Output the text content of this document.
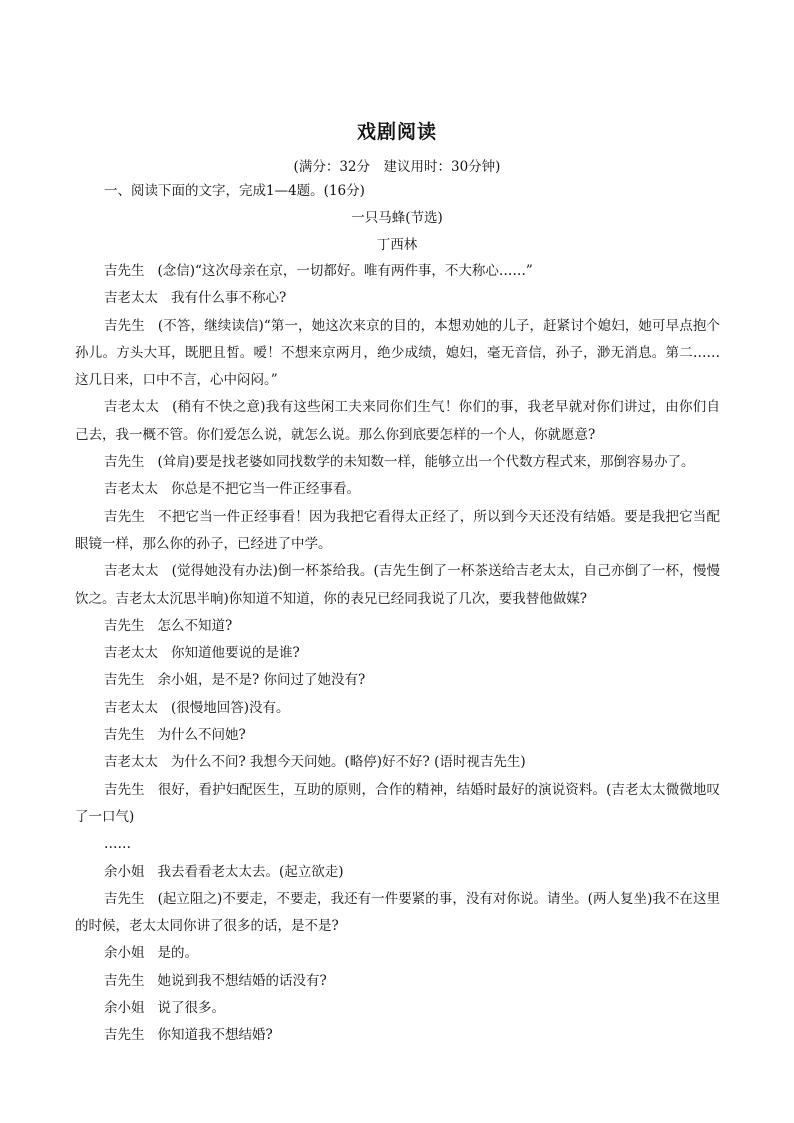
戏剧阅读
(满分：32分　建议用时：30分钟)
一、阅读下面的文字，完成1—4题。(16分)
一只马蜂(节选)
丁西林

吉先生 (念信)“这次母亲在京，一切都好。唯有两件事，不大称心……”

吉老太太 我有什么事不称心?

吉先生 (不答，继续读信)“第一，她这次来京的目的，本想劝她的儿子，赶紧讨个媳妇，她可早点抱个孙儿。方头大耳，既肥且皙。嗳！不想来京两月，绝少成绩，媳妇，毫无音信，孙子，渺无消息。第二……这几日来，口中不言，心中闷闷。”

吉老太太 (稍有不快之意)我有这些闲工夫来同你们生气！你们的事，我老早就对你们讲过，由你们自己去，我一概不管。你们爱怎么说，就怎么说。那么你到底要怎样的一个人，你就愿意?

吉先生 (耸肩)要是找老婆如同找数学的未知数一样，能够立出一个代数方程式来，那倒容易办了。

吉老太太 你总是不把它当一件正经事看。

吉先生 不把它当一件正经事看！因为我把它看得太正经了，所以到今天还没有结婚。要是我把它当配眼镜一样，那么你的孙子，已经进了中学。

吉老太太 (觉得她没有办法)倒一杯茶给我。(吉先生倒了一杯茶送给吉老太太，自己亦倒了一杯，慢慢饮之。吉老太太沉思半晌)你知道不知道，你的表兄已经同我说了几次，要我替他做媒?

吉先生 怎么不知道?

吉老太太 你知道他要说的是谁?

吉先生 余小姐，是不是? 你问过了她没有?

吉老太太 (很慢地回答)没有。

吉先生 为什么不问她?

吉老太太 为什么不问? 我想今天问她。(略停)好不好? (语时视吉先生)

吉先生 很好，看护妇配医生，互助的原则，合作的精神，结婚时最好的演说资料。(吉老太太微微地叹了一口气)

……

余小姐 我去看看老太太去。(起立欲走)

吉先生 (起立阻之)不要走，不要走，我还有一件要紧的事，没有对你说。请坐。(两人复坐)我不在这里的时候，老太太同你讲了很多的话，是不是?

余小姐 是的。

吉先生 她说到我不想结婚的话没有?

余小姐 说了很多。

吉先生 你知道我不想结婚?
